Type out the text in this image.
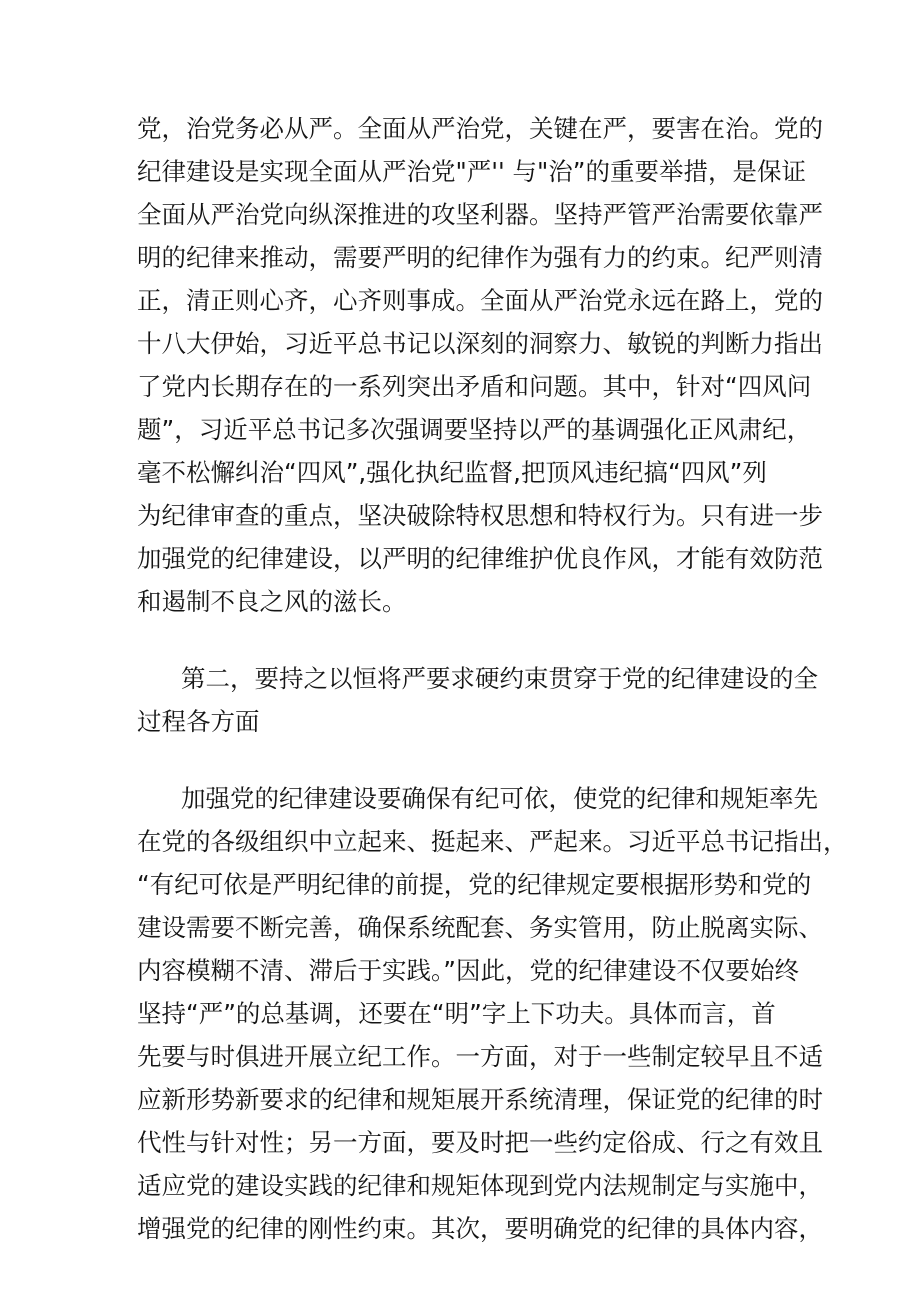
党，治党务必从严。全面从严治党，关键在严，要害在治。党的
纪律建设是实现全面从严治党"严'' 与"治”的重要举措，是保证
全面从严治党向纵深推进的攻坚利器。坚持严管严治需要依靠严
明的纪律来推动，需要严明的纪律作为强有力的约束。纪严则清
正，清正则心齐，心齐则事成。全面从严治党永远在路上，党的
十八大伊始，习近平总书记以深刻的洞察力、敏锐的判断力指出
了党内长期存在的一系列突出矛盾和问题。其中，针对“四风问
题”，习近平总书记多次强调要坚持以严的基调强化正风肃纪，
毫不松懈纠治“四风”,强化执纪监督,把顶风违纪搞“四风”列
为纪律审查的重点，坚决破除特权思想和特权行为。只有进一步
加强党的纪律建设，以严明的纪律维护优良作风，才能有效防范
和遏制不良之风的滋长。
第二，要持之以恒将严要求硬约束贯穿于党的纪律建设的全
过程各方面
加强党的纪律建设要确保有纪可依，使党的纪律和规矩率先
在党的各级组织中立起来、挺起来、严起来。习近平总书记指出，
“有纪可依是严明纪律的前提，党的纪律规定要根据形势和党的
建设需要不断完善，确保系统配套、务实管用，防止脱离实际、
内容模糊不清、滞后于实践。”因此，党的纪律建设不仅要始终
坚持“严”的总基调，还要在“明”字上下功夫。具体而言，首
先要与时俱进开展立纪工作。一方面，对于一些制定较早且不适
应新形势新要求的纪律和规矩展开系统清理，保证党的纪律的时
代性与针对性；另一方面，要及时把一些约定俗成、行之有效且
适应党的建设实践的纪律和规矩体现到党内法规制定与实施中，
增强党的纪律的刚性约束。其次，要明确党的纪律的具体内容，
